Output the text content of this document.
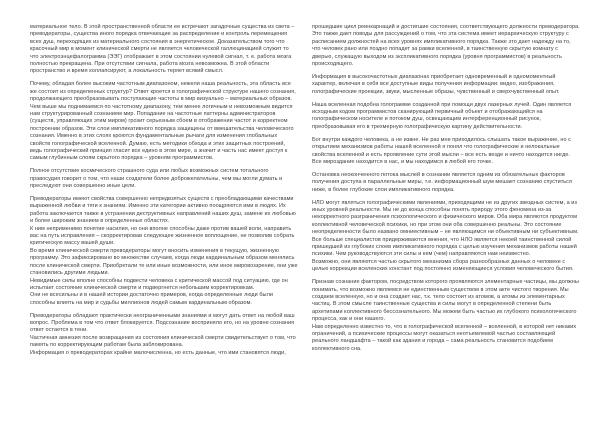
материальное тело. В этой пространственной области ее встречают загадочные существа из света – преводераторы, существа иного порядка отвечающие за распределение и контроль перемещения всех душ, переходящих из материального состояния в энергетическое. Доказательством того что красочный мир в момент клинической смерти не является человеческой галлюцинацией служит то что электроэнцефалограмма (ЭЭГ) отображает в этом состоянии нулевой сигнал, т. е. работа мозга полностью прекращена. При отсутствии сигнала, работа мозга невозможна. В этой области пространство и время коллапсируют, а локальность теряет всякий смысл.

Почему, обладая более высоким частотным диапазоном, нежели наша реальность, эта область все же состоит из определенных структур? Ответ кроется в голографической структуре нашего сознания, продолжающего преобразовывать поступающие частоты в мир визуально – материальных образов. Чем выше мы поднимаемся по частотному диапазону, тем менее логичным и невозможным видится нам структурированный сознанием мир. Попадание на частотные паттерны администраторов (существ, управляющих этим миром) грозит серьезным сбоем в отображении частот и корректном построении образов. Эти слои импликативного порядка защищены от вмешательства человеческого сознания. Именно в этих слоях кроются фундаментальные рычаги для изменения глобальных свойств голографической вселенной. Думаю, есть методики обхода и этих защитных построений, ведь голографический принцип гласит все едино в этом мире, а значит и часть нас имеет доступ к самым глубинным слоям скрытого порядка – уровням программистов.

Полное отсутствие космического страшного суда или любых возможных систем тотального правосудия говорит о том, что наши создатели более доброжелательны, чем мы могли думать и преследуют они совершенно иные цели.

Преводераторы имеют свойства совершенно непредвзятых существ с преобладающими качествами выраженной любви и тяги к знаниям. Именно эти категории активно поощряются ими в людях. Их работа заключается также в устранении деструктивных направлений наших душ, замене их любовью и более широким знанием в определенных областях.

К ним неприменимо понятие насилия, но они вполне способны даже против вашей воли, направить вас на путь исправления – скорректировав следующее жизненное воплощение, не позволив собрать критическую массу вашей души.

Во время клинической смерти преводераторы могут вносить изменения в текущую, жизненную программу. Это зафиксировано во множестве случаев, когда люди кардинальным образом менялись после клинической смерти. Приобретали те или иные возможности, или иное мировоззрение, они уже становились другими людьми.

Невидимые силы вполне способны подвести человека с критической массой под ситуацию, где он испытает состояние клинической смерти и подвергнется небольшим корректировкам.

Они не всесильны и в нашей истории достаточно примеров, когда определенные люди были способны влиять на мир и судьбы миллионов людей самым кардинальным образом.

Преводераторы обладают практически неограниченными знаниями и могут дать ответ на любой ваш вопрос. Проблема в том что ответ блокируется. Подсознание восприняло его, но на уровне сознания ответ остается в тени.

Частичная амнезия после возвращения из состояния клинической смерти свидетельствует о том, что память по корректирующим работам была заблокирована.

Информация о преводераторах крайне малочисленна, но есть данные, что ими становятся люди,

прошедшие цикл реинкарнаций и достигшие состояния, соответствующего должности преводератора. Это также дает поводы для рассуждений о том, что эта система имеет иерархическую структуру с расписанием должностей на всех уровнях импликативного порядка. Также это дает надежду на то, что человек рано или поздно попадет за рамки вселенной, в таинственную скрытую комнату с дверью, служащую выходом из экспликативного порядка (уровня программистов) в реальность происходящего.

Информация в высокочастотных диапазонах приобретает одновременный и одномоментный характер, включая в себя все доступные виды получения информации: видео, изображения, голографические проекции, звуки, мысленные образы, чувственный и сверхчувственный опыт.

Наша вселенная подобна голограмме созданной при помощи двух лазерных лучей. Один является исходным кодом программистов сканирующий первичный объект и отображающийся на голографическом носителе и потоком душ, освещающим интерференционный рисунок, преобразовывая его в трехмерную голографическую картину действительности.

Бог внутри каждого человека, а не извне. Не раз мне приходилось слышать такое выражение, но с открытием механизмов работы нашей вселенной я понял что голографические и нелокальные свойства вселенной и есть проявление сути этой мысли – все есть везде и ничто находится нигде. Все мироздание находится в нас, и мы находимся в любой его точке.

Остановка неоконченного потока мыслей в сознании является одним из обязательных факторов получения доступа в параллельные миры, т.е. информационный шум мешает сознанию спуститься ниже, в более глубокие слои импликативного порядка.

НЛО могут являться голографическими явлениями, приходящими не из других звездных систем, а из иных уровней реальности. Мы не до конца способны понять природу этого феномена из-за некорректного разграничения психологического и физического миров. Оба мира являются продуктом коллективной человеческой психики, но при этом они оба совершенно реальны. Это состояние неопределенности было названо омниективным – не являющимся ни объективным ни субъективным.

Все больше специалистов придерживаются мнения, что НЛО является некоей таинственной силой пришедшей из глубоких слоев импликативного порядка с целью изучения механизмов работы нашей психики. Чем руководствуются эти силы и кем (чем) направляются нам неизвестно.

Возможно, они являются частью скрытого механизма сбора разнообразных данных о человеке с целью коррекции вселенских констант под постоянно изменяющиеся условия человеческого бытия.

Признав сознание фактором, посредством которого проявляются элементарные частицы, мы должны понимать, что возможно являемся не единственным существом в этом акте чистого творения. Мы создаем вселенную, но и она создает нас, т.к. тело состоит из атомов, а атомы из элементарных частиц. В этом смысле таинственные существа и силы могут в определенной степени быть архетипами коллективного бессознательного. Мы можем быть частью их глубокого психологического процесса, как и они нашего.

Нам определенно известно то, что в голографической вселенной – вселенной, в которой нет никаких ограничений, а психические процессы могут оказаться неотъемлемой частью составляющей реального ландшафта – такой как здания и города – сама реальность становится подобием коллективного сна.
